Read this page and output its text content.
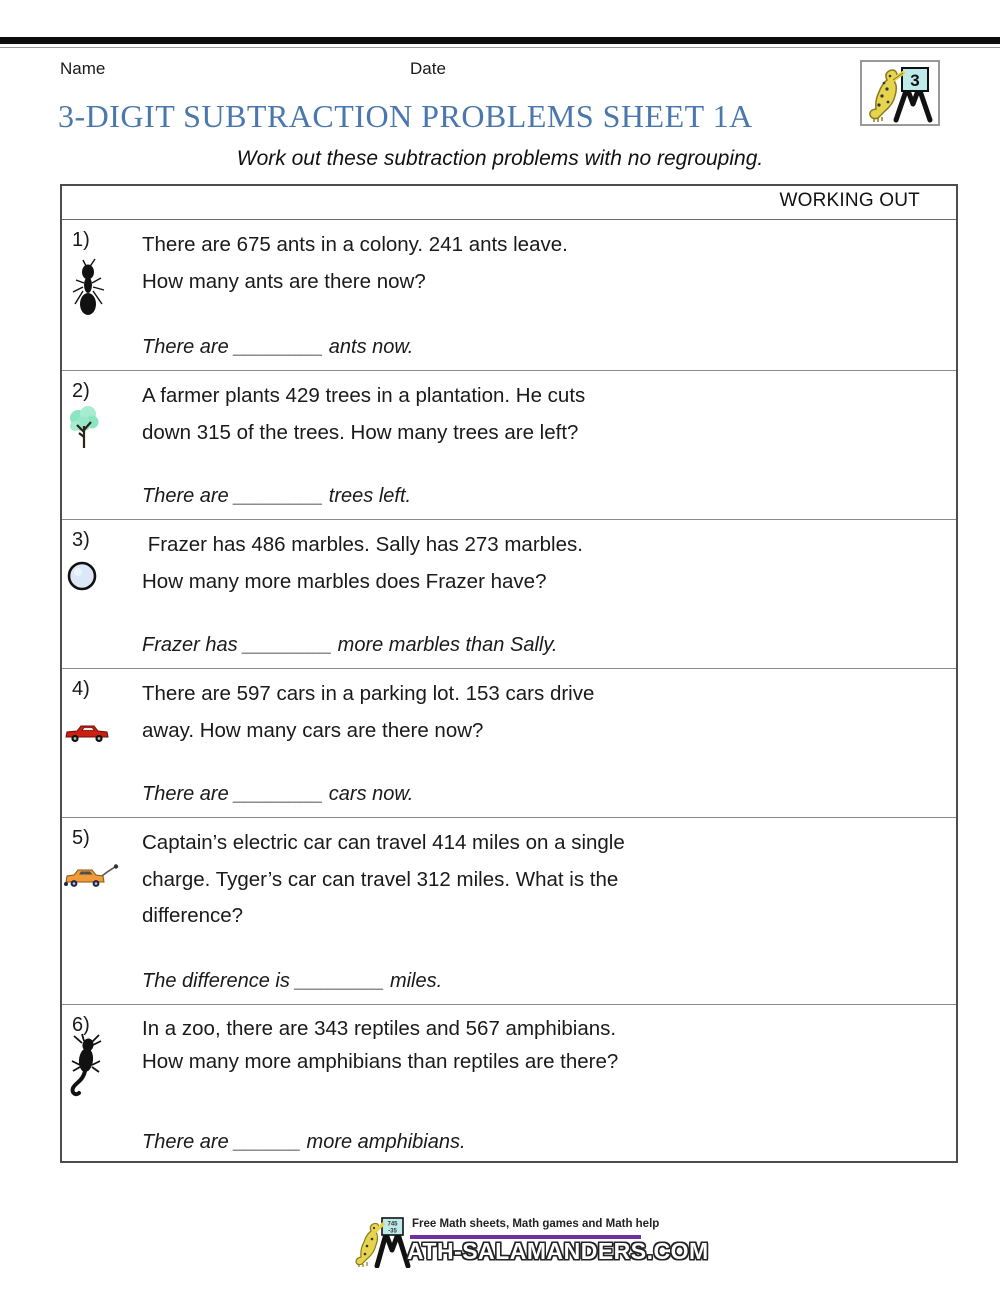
Name	Date
3
3-DIGIT SUBTRACTION PROBLEMS SHEET 1A
Work out these subtraction problems with no regrouping.
WORKING OUT
1)	There are 675 ants in a colony. 241 ants leave.
How many ants are there now?
There are ________ ants now.
2)	A farmer plants 429 trees in a plantation. He cuts
down 315 of the trees. How many trees are left?
There are ________ trees left.
3)	Frazer has 486 marbles. Sally has 273 marbles.
How many more marbles does Frazer have?
Frazer has ________ more marbles than Sally.
4)	There are 597 cars in a parking lot. 153 cars drive
away. How many cars are there now?
There are ________ cars now.
5)	Captain’s electric car can travel 414 miles on a single
charge. Tyger’s car can travel 312 miles. What is the
difference?
The difference is ________ miles.
6)	In a zoo, there are 343 reptiles and 567 amphibians.
How many more amphibians than reptiles are there?
There are ______ more amphibians.
745
-35
Free Math sheets, Math games and Math help
ATH-SALAMANDERS.COM
